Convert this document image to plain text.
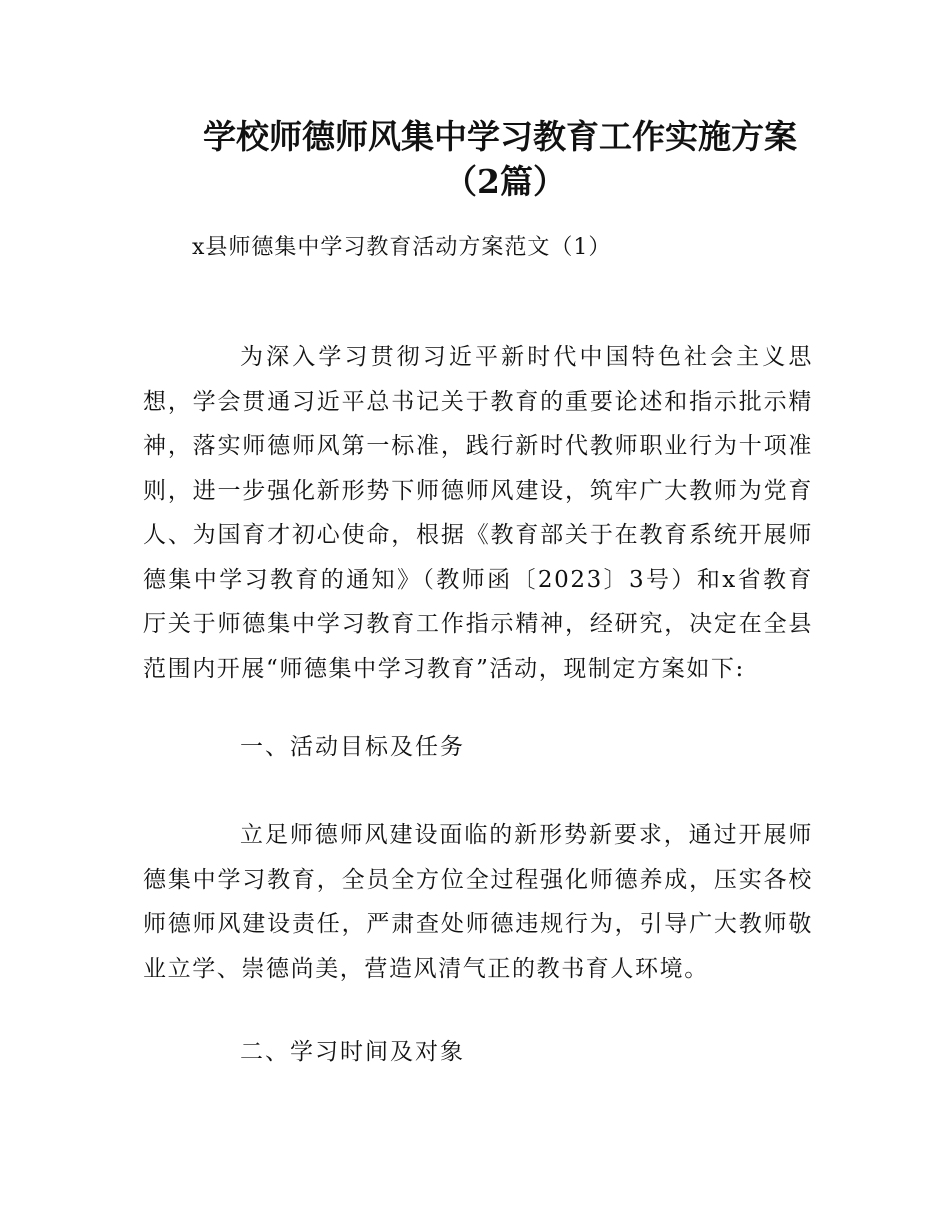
学校师德师风集中学习教育工作实施方案
（2篇）

x县师德集中学习教育活动方案范文（1）

为深入学习贯彻习近平新时代中国特色社会主义思想，学会贯通习近平总书记关于教育的重要论述和指示批示精神，落实师德师风第一标准，践行新时代教师职业行为十项准则，进一步强化新形势下师德师风建设，筑牢广大教师为党育人、为国育才初心使命，根据《教育部关于在教育系统开展师德集中学习教育的通知》（教师函〔2023〕3号）和x省教育厅关于师德集中学习教育工作指示精神，经研究，决定在全县范围内开展“师德集中学习教育”活动，现制定方案如下:

一、活动目标及任务

立足师德师风建设面临的新形势新要求，通过开展师德集中学习教育，全员全方位全过程强化师德养成，压实各校师德师风建设责任，严肃查处师德违规行为，引导广大教师敬业立学、崇德尚美，营造风清气正的教书育人环境。

二、学习时间及对象
